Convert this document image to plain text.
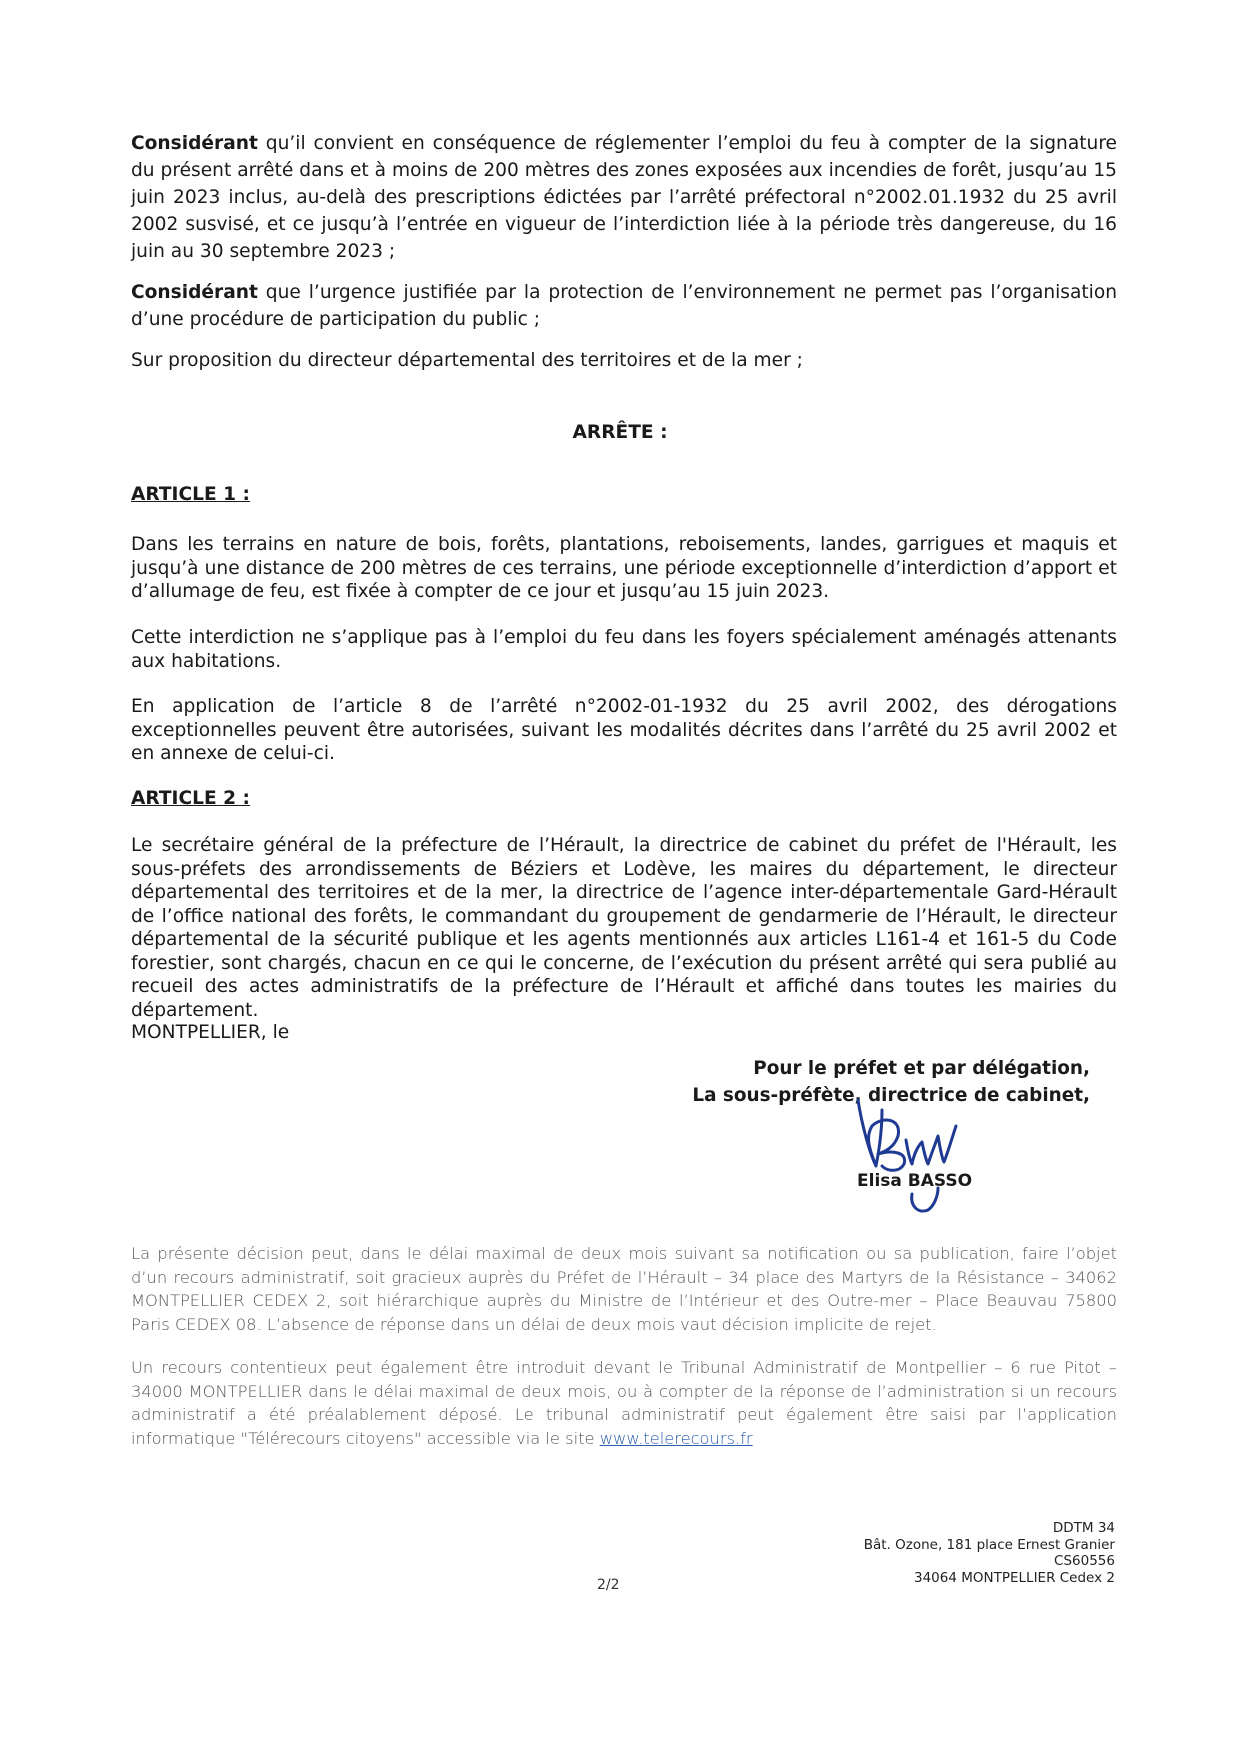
Considérant qu’il convient en conséquence de réglementer l’emploi du feu à compter de la signature du présent arrêté dans et à moins de 200 mètres des zones exposées aux incendies de forêt, jusqu’au 15 juin 2023 inclus, au-delà des prescriptions édictées par l’arrêté préfectoral n°2002.01.1932 du 25 avril 2002 susvisé, et ce jusqu’à l’entrée en vigueur de l’interdiction liée à la période très dangereuse, du 16 juin au 30 septembre 2023 ;

Considérant que l’urgence justifiée par la protection de l’environnement ne permet pas l’organisation d’une procédure de participation du public ;

Sur proposition du directeur départemental des territoires et de la mer ;

ARRÊTE :

ARTICLE 1 :

Dans les terrains en nature de bois, forêts, plantations, reboisements, landes, garrigues et maquis et jusqu’à une distance de 200 mètres de ces terrains, une période exceptionnelle d’interdiction d’apport et d’allumage de feu, est fixée à compter de ce jour et jusqu’au 15 juin 2023.

Cette interdiction ne s’applique pas à l’emploi du feu dans les foyers spécialement aménagés attenants aux habitations.

En application de l’article 8 de l’arrêté n°2002-01-1932 du 25 avril 2002, des dérogations exceptionnelles peuvent être autorisées, suivant les modalités décrites dans l’arrêté du 25 avril 2002 et en annexe de celui-ci.

ARTICLE 2 :

Le secrétaire général de la préfecture de l’Hérault, la directrice de cabinet du préfet de l'Hérault, les sous-préfets des arrondissements de Béziers et Lodève, les maires du département, le directeur départemental des territoires et de la mer, la directrice de l’agence inter-départementale Gard-Hérault de l’office national des forêts, le commandant du groupement de gendarmerie de l’Hérault, le directeur départemental de la sécurité publique et les agents mentionnés aux articles L161-4 et 161-5 du Code forestier, sont chargés, chacun en ce qui le concerne, de l’exécution du présent arrêté qui sera publié au recueil des actes administratifs de la préfecture de l’Hérault et affiché dans toutes les mairies du département.

MONTPELLIER, le

Pour le préfet et par délégation,
La sous-préfète, directrice de cabinet,
Elisa BASSO

La présente décision peut, dans le délai maximal de deux mois suivant sa notification ou sa publication, faire l’objet d’un recours administratif, soit gracieux auprès du Préfet de l’Hérault – 34 place des Martyrs de la Résistance – 34062 MONTPELLIER CEDEX 2, soit hiérarchique auprès du Ministre de l’Intérieur et des Outre-mer – Place Beauvau 75800 Paris CEDEX 08. L’absence de réponse dans un délai de deux mois vaut décision implicite de rejet.

Un recours contentieux peut également être introduit devant le Tribunal Administratif de Montpellier – 6 rue Pitot – 34000 MONTPELLIER dans le délai maximal de deux mois, ou à compter de la réponse de l’administration si un recours administratif a été préalablement déposé. Le tribunal administratif peut également être saisi par l’application informatique "Télérecours citoyens" accessible via le site www.telerecours.fr

DDTM 34
Bât. Ozone, 181 place Ernest Granier
CS60556
34064 MONTPELLIER Cedex 2
2/2
